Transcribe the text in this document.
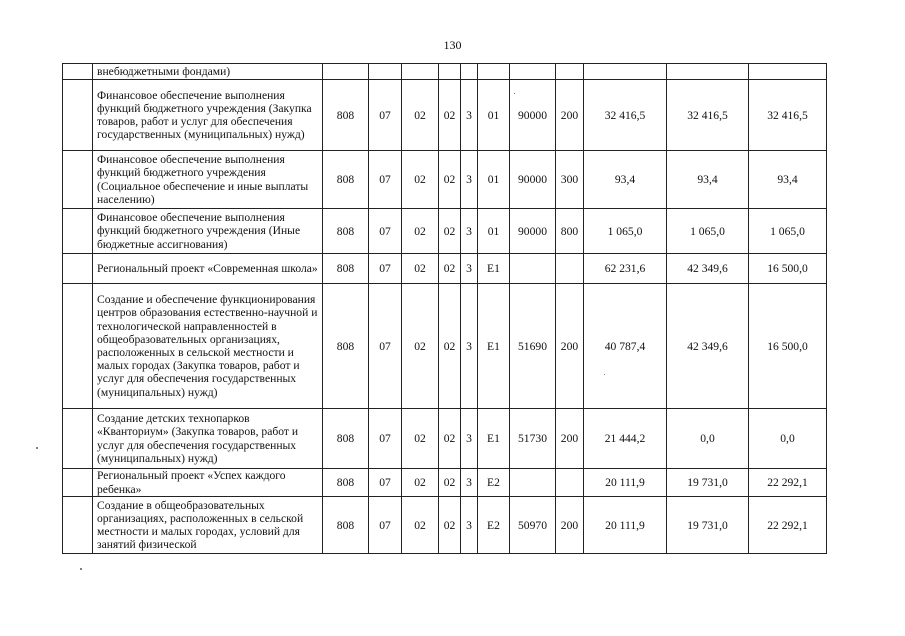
130
	внебюджетными фондами)											
	Финансовое обеспечение выполнения функций бюджетного учреждения (Закупка товаров, работ и услуг для обеспечения государственных (муниципальных) нужд)	808	07	02	02	3	01	90000	200	32 416,5	32 416,5	32 416,5
	Финансовое обеспечение выполнения функций бюджетного учреждения (Социальное обеспечение и иные выплаты населению)	808	07	02	02	3	01	90000	300	93,4	93,4	93,4
	Финансовое обеспечение выполнения функций бюджетного учреждения (Иные бюджетные ассигнования)	808	07	02	02	3	01	90000	800	1 065,0	1 065,0	1 065,0
	Региональный проект «Современная школа»	808	07	02	02	3	E1			62 231,6	42 349,6	16 500,0
	Создание и обеспечение функционирования центров образования естественно-научной и технологической направленностей в общеобразовательных организациях, расположенных в сельской местности и малых городах (Закупка товаров, работ и услуг для обеспечения государственных (муниципальных) нужд)	808	07	02	02	3	E1	51690	200	40 787,4	42 349,6	16 500,0
	Создание детских технопарков «Кванториум» (Закупка товаров, работ и услуг для обеспечения государственных (муниципальных) нужд)	808	07	02	02	3	E1	51730	200	21 444,2	0,0	0,0
	Региональный проект «Успех каждого ребенка»	808	07	02	02	3	E2			20 111,9	19 731,0	22 292,1
	Создание в общеобразовательных организациях, расположенных в сельской местности и малых городах, условий для занятий физической	808	07	02	02	3	E2	50970	200	20 111,9	19 731,0	22 292,1
